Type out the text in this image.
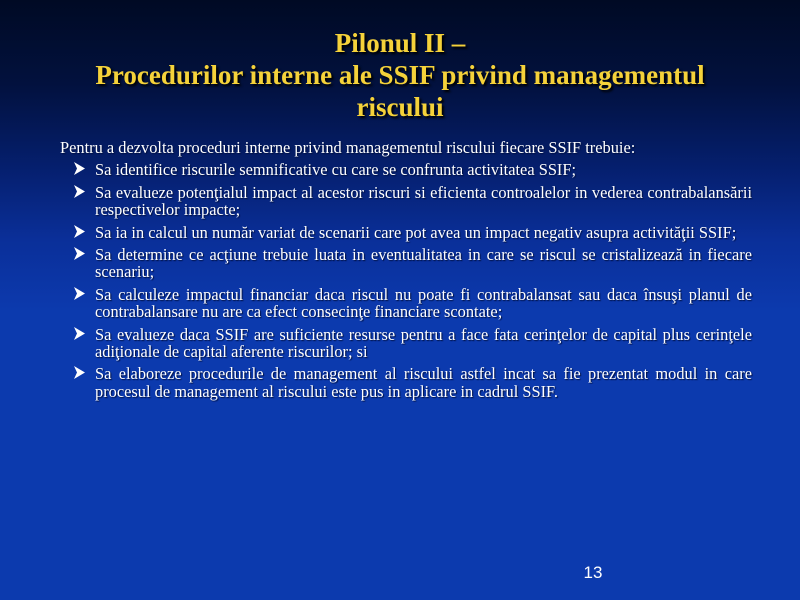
Pilonul II –
Procedurilor interne ale SSIF privind managementul
riscului

Pentru a dezvolta proceduri interne privind managementul riscului fiecare SSIF trebuie:

Sa identifice riscurile semnificative cu care se confrunta activitatea SSIF;
Sa evalueze potenţialul impact al acestor riscuri si eficienta controalelor in vederea contrabalansării respectivelor impacte;
Sa ia in calcul un număr variat de scenarii care pot avea un impact negativ asupra activităţii SSIF;
Sa determine ce acţiune trebuie luata in eventualitatea in care se riscul se cristalizează in fiecare scenariu;
Sa calculeze impactul financiar daca riscul nu poate fi contrabalansat sau daca însuşi planul de contrabalansare nu are ca efect consecinţe financiare scontate;
Sa evalueze daca SSIF are suficiente resurse pentru a face fata cerinţelor de capital plus cerinţele adiţionale de capital aferente riscurilor; si
Sa elaboreze procedurile de management al riscului astfel incat sa fie prezentat modul in care procesul de management al riscului este pus in aplicare in cadrul SSIF.
13
